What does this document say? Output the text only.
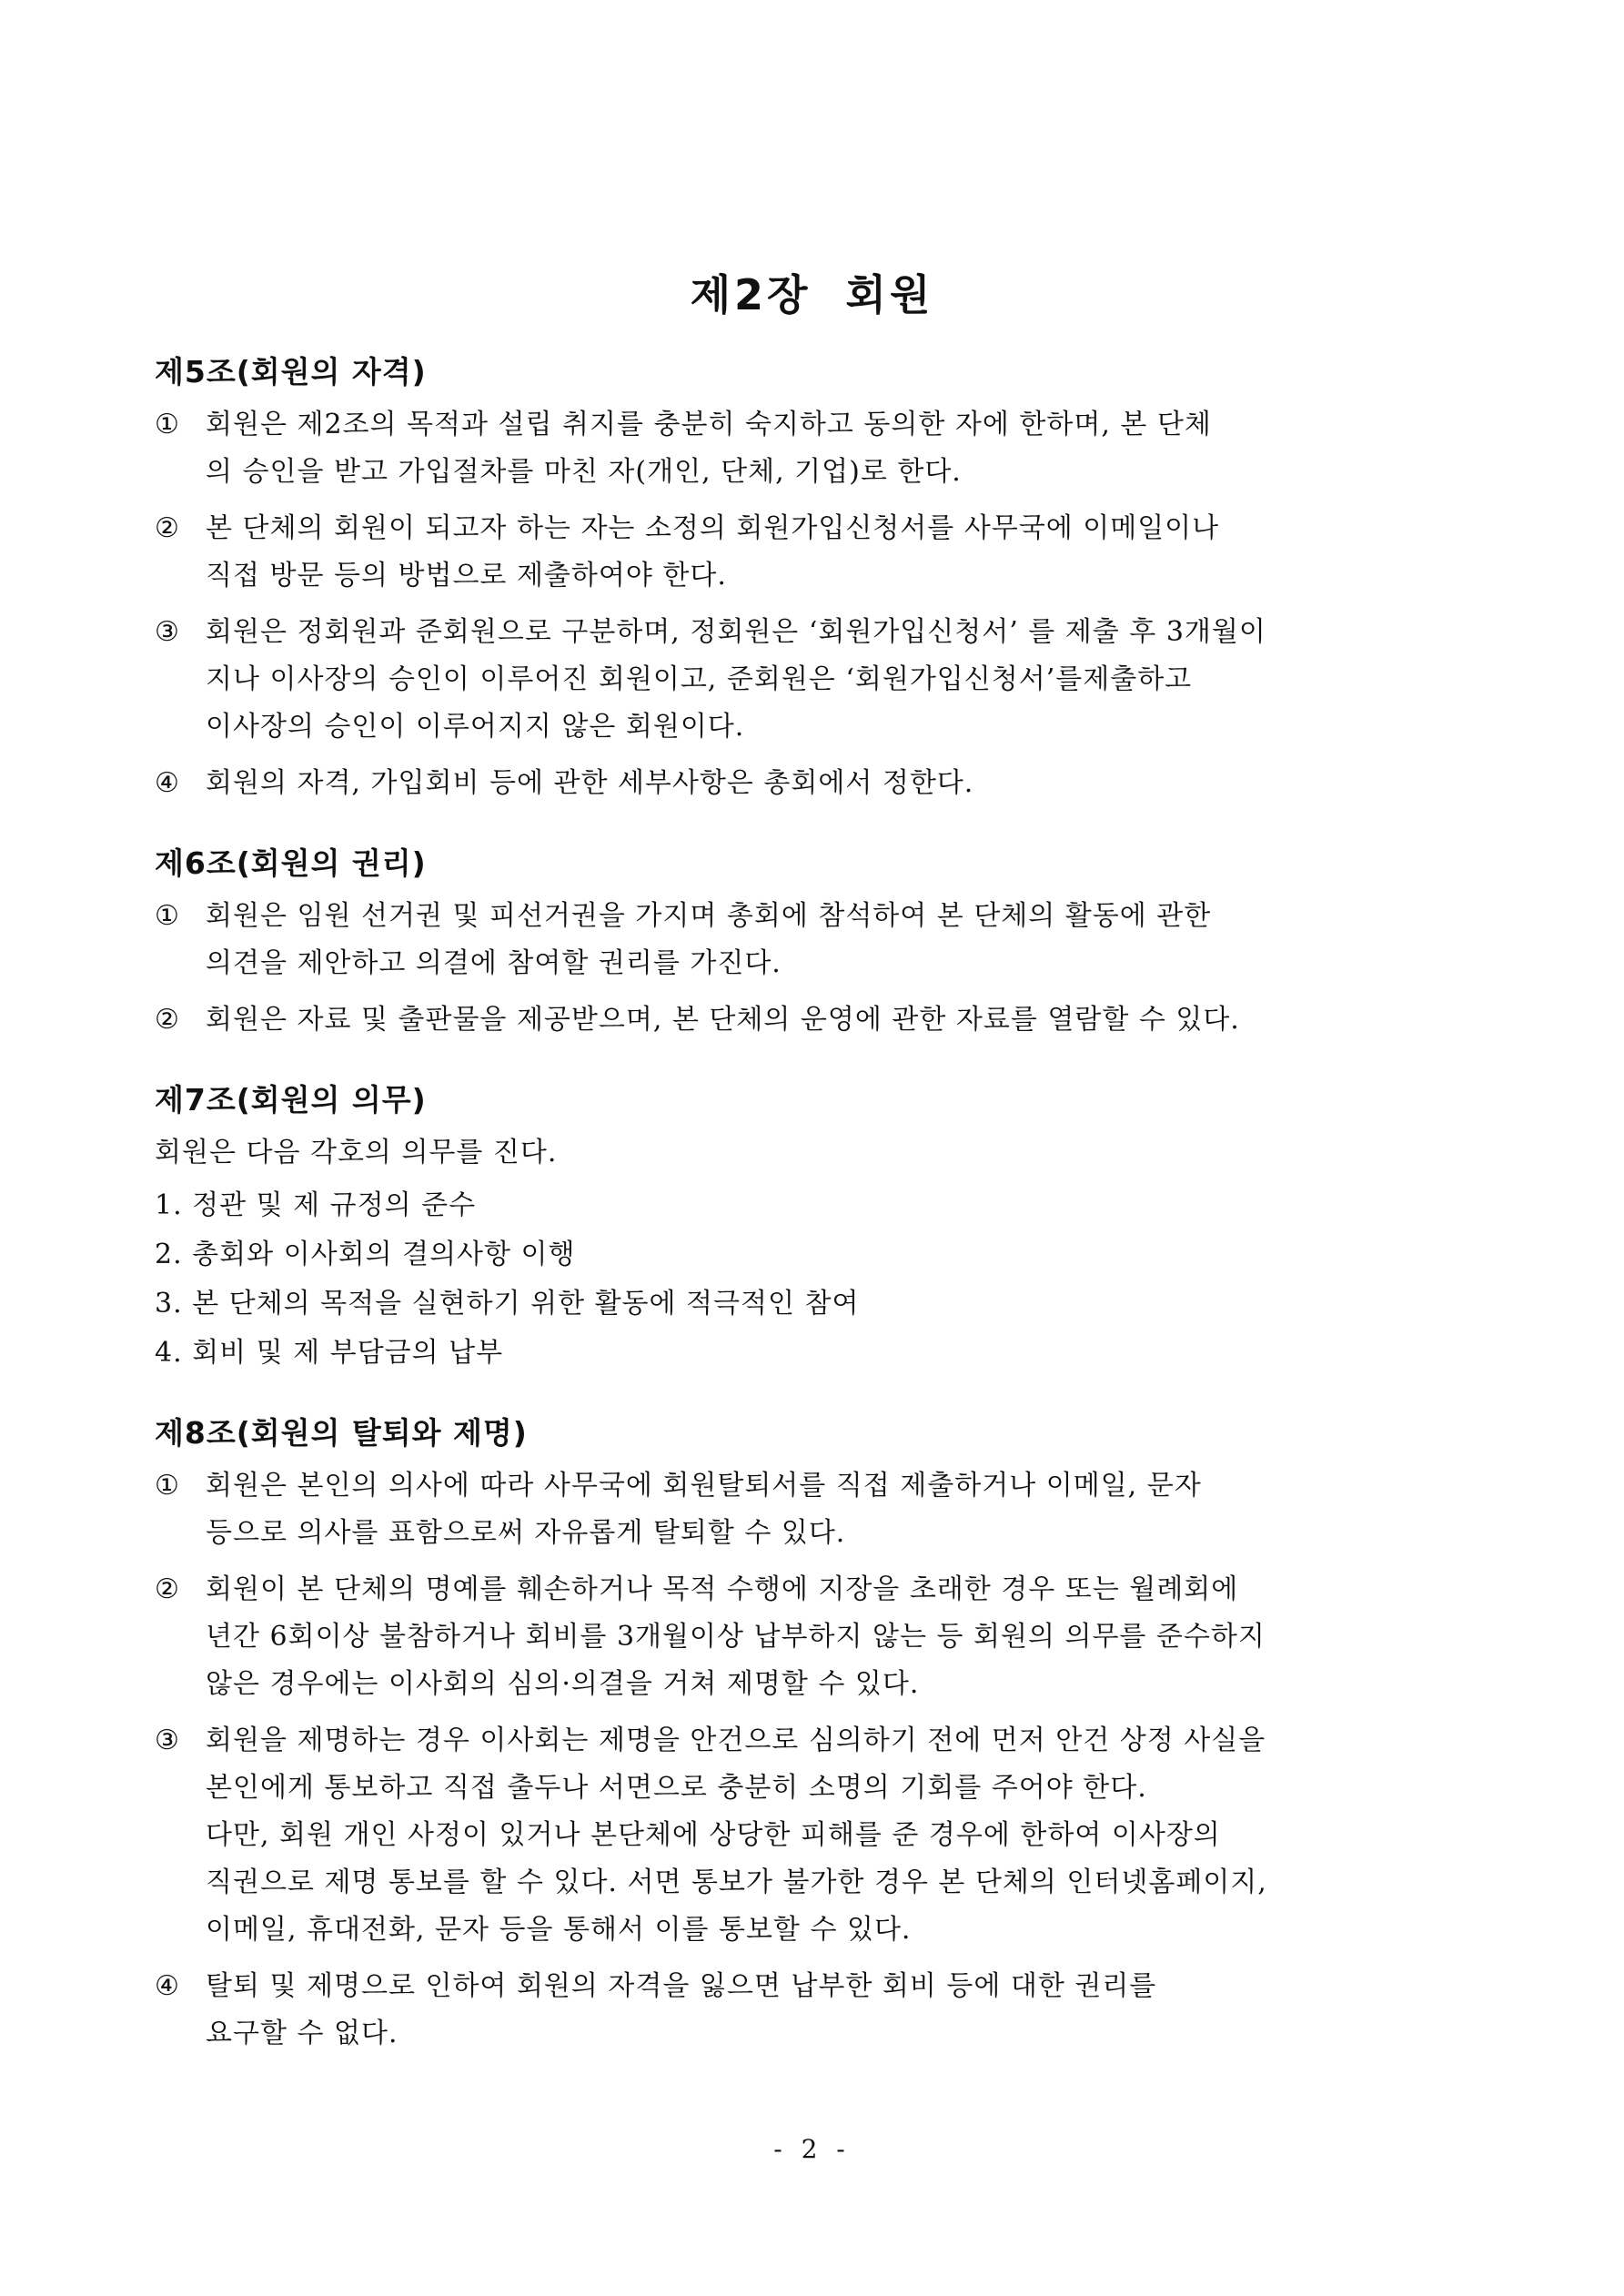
제2장 회원
제5조(회원의 자격)
① 회원은 제2조의 목적과 설립 취지를 충분히 숙지하고 동의한 자에 한하며, 본 단체
의 승인을 받고 가입절차를 마친 자(개인, 단체, 기업)로 한다.
② 본 단체의 회원이 되고자 하는 자는 소정의 회원가입신청서를 사무국에 이메일이나
직접 방문 등의 방법으로 제출하여야 한다.
③ 회원은 정회원과 준회원으로 구분하며, 정회원은 ‘회원가입신청서’ 를 제출 후 3개월이
지나 이사장의 승인이 이루어진 회원이고, 준회원은 ‘회원가입신청서’를제출하고
이사장의 승인이 이루어지지 않은 회원이다.
④ 회원의 자격, 가입회비 등에 관한 세부사항은 총회에서 정한다.
제6조(회원의 권리)
① 회원은 임원 선거권 및 피선거권을 가지며 총회에 참석하여 본 단체의 활동에 관한
의견을 제안하고 의결에 참여할 권리를 가진다.
② 회원은 자료 및 출판물을 제공받으며, 본 단체의 운영에 관한 자료를 열람할 수 있다.
제7조(회원의 의무)
회원은 다음 각호의 의무를 진다.
1. 정관 및 제 규정의 준수
2. 총회와 이사회의 결의사항 이행
3. 본 단체의 목적을 실현하기 위한 활동에 적극적인 참여
4. 회비 및 제 부담금의 납부
제8조(회원의 탈퇴와 제명)
① 회원은 본인의 의사에 따라 사무국에 회원탈퇴서를 직접 제출하거나 이메일, 문자
등으로 의사를 표함으로써 자유롭게 탈퇴할 수 있다.
② 회원이 본 단체의 명예를 훼손하거나 목적 수행에 지장을 초래한 경우 또는 월례회에
년간 6회이상 불참하거나 회비를 3개월이상 납부하지 않는 등 회원의 의무를 준수하지
않은 경우에는 이사회의 심의·의결을 거쳐 제명할 수 있다.
③ 회원을 제명하는 경우 이사회는 제명을 안건으로 심의하기 전에 먼저 안건 상정 사실을
본인에게 통보하고 직접 출두나 서면으로 충분히 소명의 기회를 주어야 한다.
다만, 회원 개인 사정이 있거나 본단체에 상당한 피해를 준 경우에 한하여 이사장의
직권으로 제명 통보를 할 수 있다. 서면 통보가 불가한 경우 본 단체의 인터넷홈페이지,
이메일, 휴대전화, 문자 등을 통해서 이를 통보할 수 있다.
④ 탈퇴 및 제명으로 인하여 회원의 자격을 잃으면 납부한 회비 등에 대한 권리를
요구할 수 없다.
- 2 -
